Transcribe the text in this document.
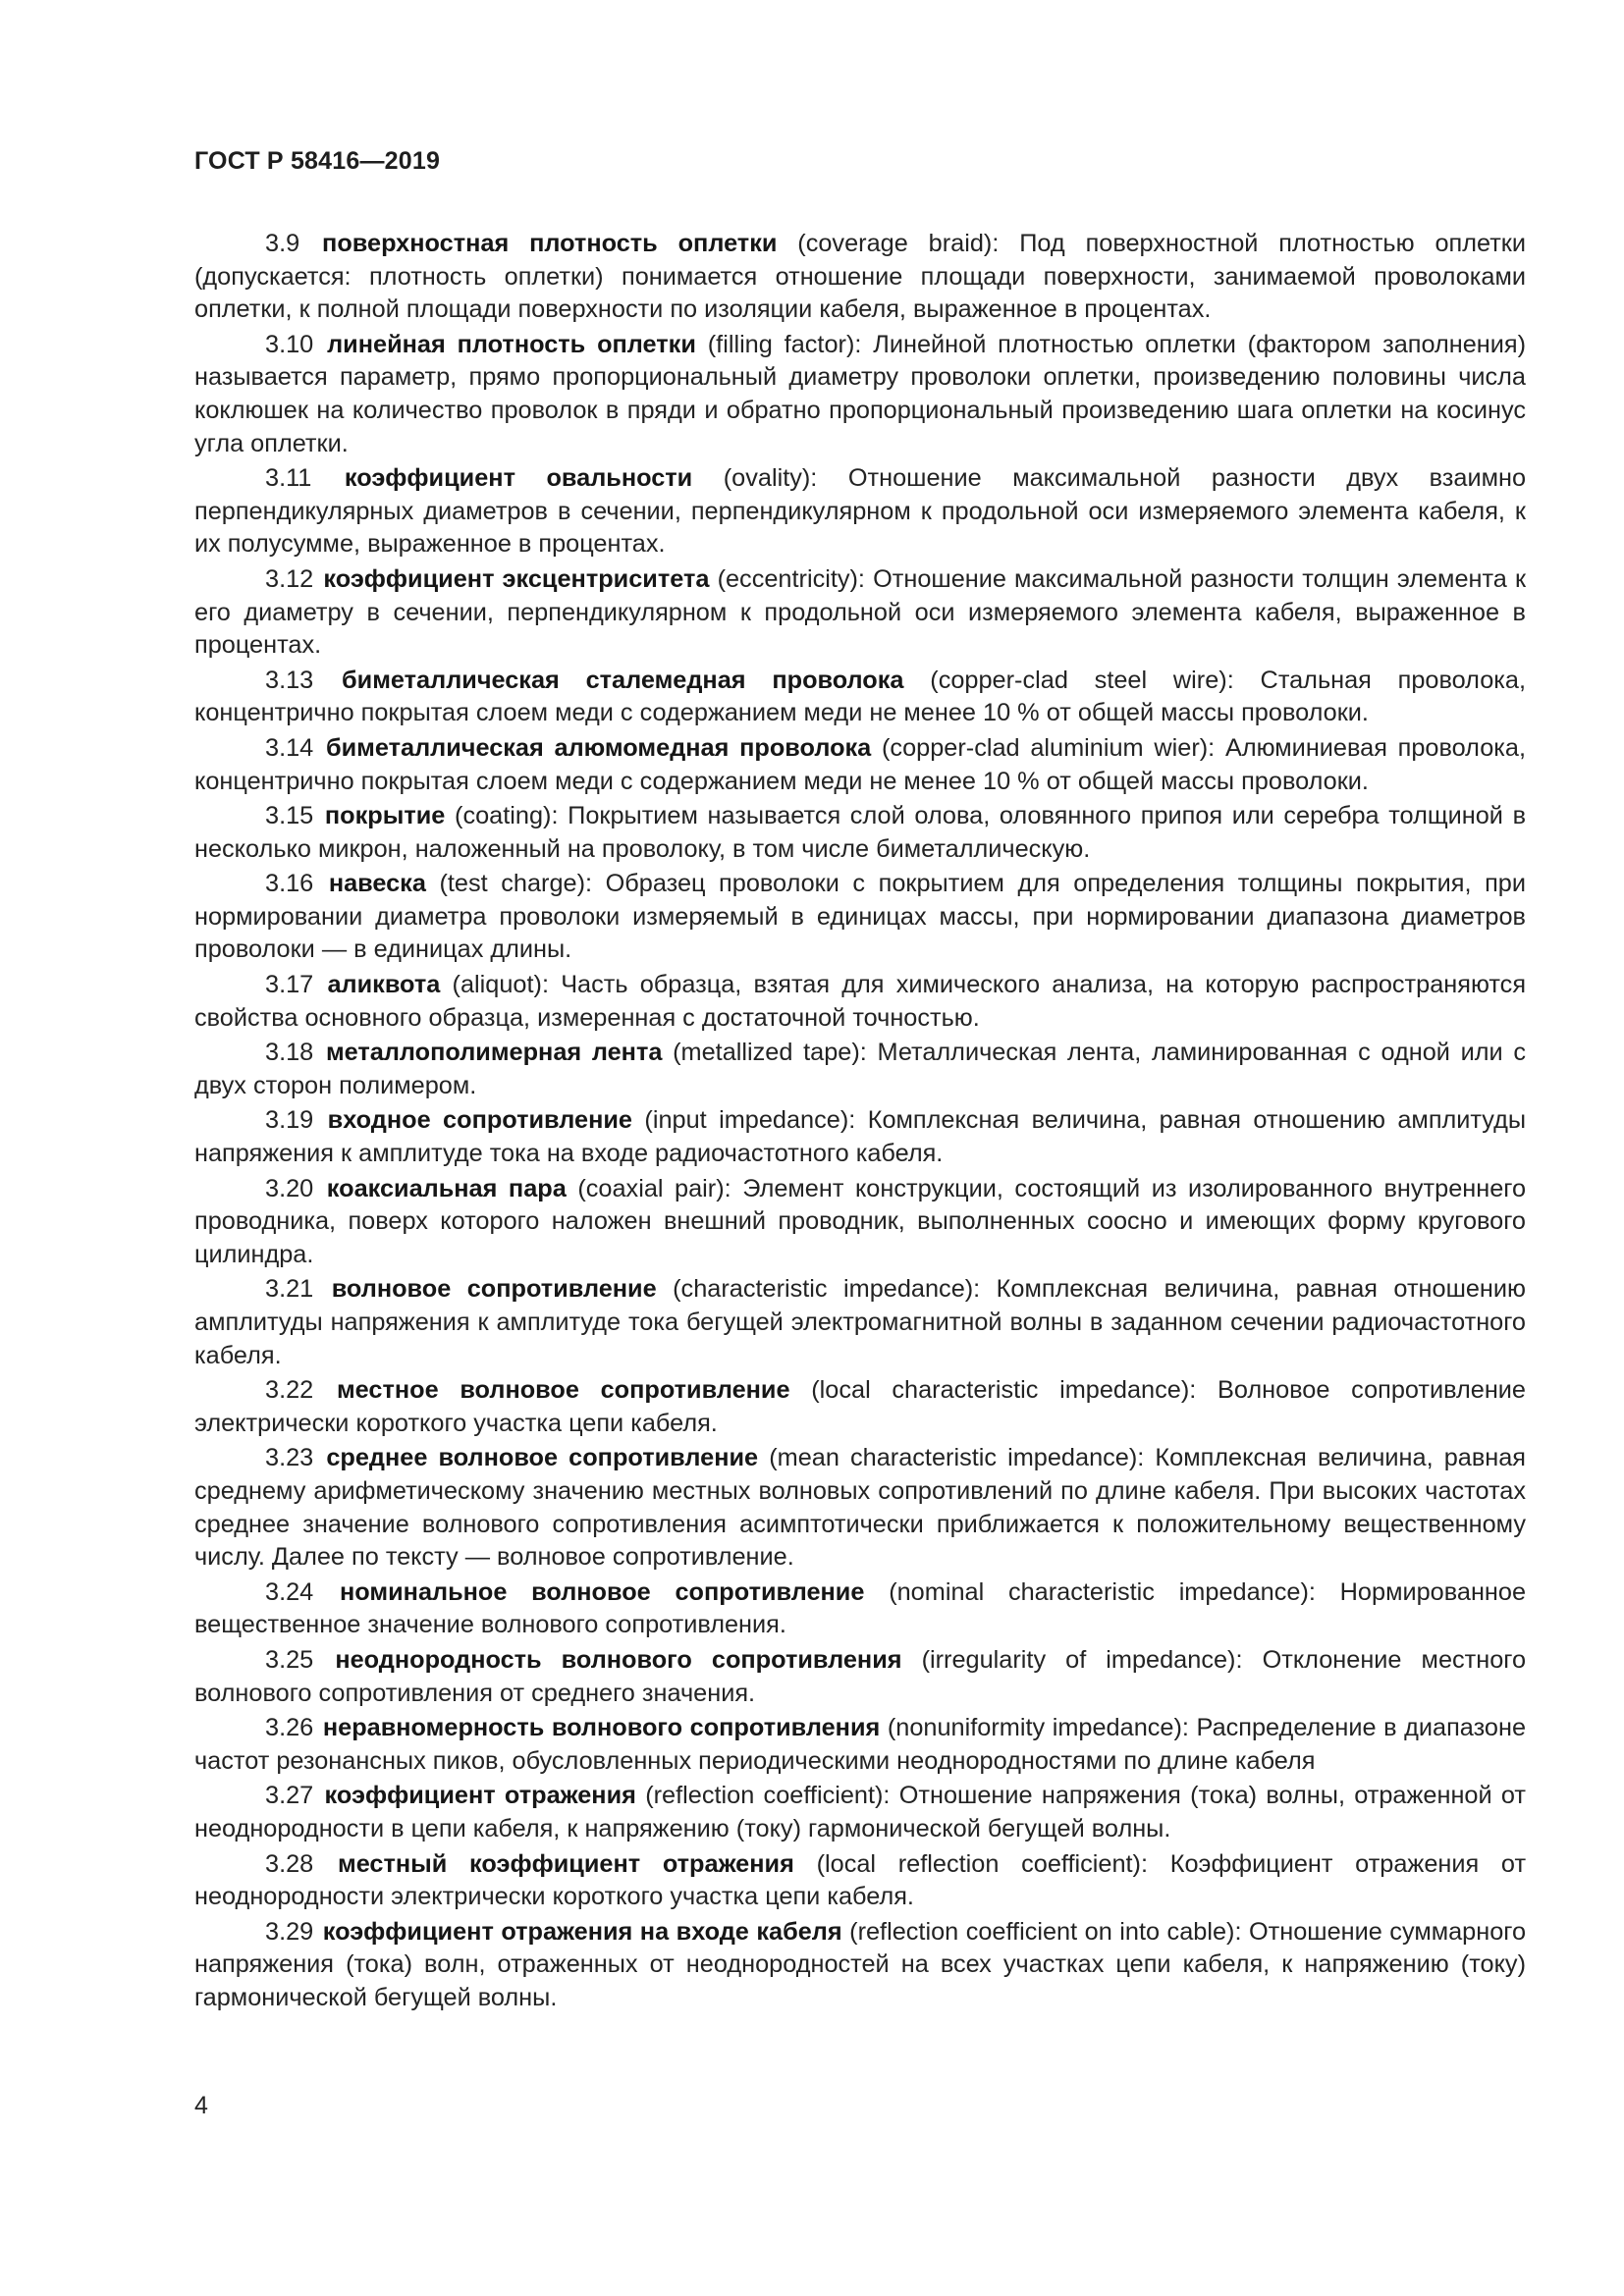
ГОСТ Р 58416—2019

3.9 поверхностная плотность оплетки (coverage braid): Под поверхностной плотностью оплетки (допускается: плотность оплетки) понимается отношение площади поверхности, занимаемой проволоками оплетки, к полной площади поверхности по изоляции кабеля, выраженное в процентах.

3.10 линейная плотность оплетки (filling factor): Линейной плотностью оплетки (фактором заполнения) называется параметр, прямо пропорциональный диаметру проволоки оплетки, произведению половины числа коклюшек на количество проволок в пряди и обратно пропорциональный произведению шага оплетки на косинус угла оплетки.

3.11 коэффициент овальности (ovality): Отношение максимальной разности двух взаимно перпендикулярных диаметров в сечении, перпендикулярном к продольной оси измеряемого элемента кабеля, к их полусумме, выраженное в процентах.

3.12 коэффициент эксцентриситета (eccentricity): Отношение максимальной разности толщин элемента к его диаметру в сечении, перпендикулярном к продольной оси измеряемого элемента кабеля, выраженное в процентах.

3.13 биметаллическая сталемедная проволока (copper-clad steel wire): Стальная проволока, концентрично покрытая слоем меди с содержанием меди не менее 10 % от общей массы проволоки.

3.14 биметаллическая алюмомедная проволока (copper-clad aluminium wier): Алюминиевая проволока, концентрично покрытая слоем меди с содержанием меди не менее 10 % от общей массы проволоки.

3.15 покрытие (coating): Покрытием называется слой олова, оловянного припоя или серебра толщиной в несколько микрон, наложенный на проволоку, в том числе биметаллическую.

3.16 навеска (test charge): Образец проволоки с покрытием для определения толщины покрытия, при нормировании диаметра проволоки измеряемый в единицах массы, при нормировании диапазона диаметров проволоки — в единицах длины.

3.17 аликвота (aliquot): Часть образца, взятая для химического анализа, на которую распространяются свойства основного образца, измеренная с достаточной точностью.

3.18 металлополимерная лента (metallized tape): Металлическая лента, ламинированная с одной или с двух сторон полимером.

3.19 входное сопротивление (input impedance): Комплексная величина, равная отношению амплитуды напряжения к амплитуде тока на входе радиочастотного кабеля.

3.20 коаксиальная пара (coaxial pair): Элемент конструкции, состоящий из изолированного внутреннего проводника, поверх которого наложен внешний проводник, выполненных соосно и имеющих форму кругового цилиндра.

3.21 волновое сопротивление (characteristic impedance): Комплексная величина, равная отношению амплитуды напряжения к амплитуде тока бегущей электромагнитной волны в заданном сечении радиочастотного кабеля.

3.22 местное волновое сопротивление (local characteristic impedance): Волновое сопротивление электрически короткого участка цепи кабеля.

3.23 среднее волновое сопротивление (mean characteristic impedance): Комплексная величина, равная среднему арифметическому значению местных волновых сопротивлений по длине кабеля. При высоких частотах среднее значение волнового сопротивления асимптотически приближается к положительному вещественному числу. Далее по тексту — волновое сопротивление.

3.24 номинальное волновое сопротивление (nominal characteristic impedance): Нормированное вещественное значение волнового сопротивления.

3.25 неоднородность волнового сопротивления (irregularity of impedance): Отклонение местного волнового сопротивления от среднего значения.

3.26 неравномерность волнового сопротивления (nonuniformity impedance): Распределение в диапазоне частот резонансных пиков, обусловленных периодическими неоднородностями по длине кабеля

3.27 коэффициент отражения (reflection coefficient): Отношение напряжения (тока) волны, отраженной от неоднородности в цепи кабеля, к напряжению (току) гармонической бегущей волны.

3.28 местный коэффициент отражения (local reflection coefficient): Коэффициент отражения от неоднородности электрически короткого участка цепи кабеля.

3.29 коэффициент отражения на входе кабеля (reflection coefficient on into cable): Отношение суммарного напряжения (тока) волн, отраженных от неоднородностей на всех участках цепи кабеля, к напряжению (току) гармонической бегущей волны.

4
